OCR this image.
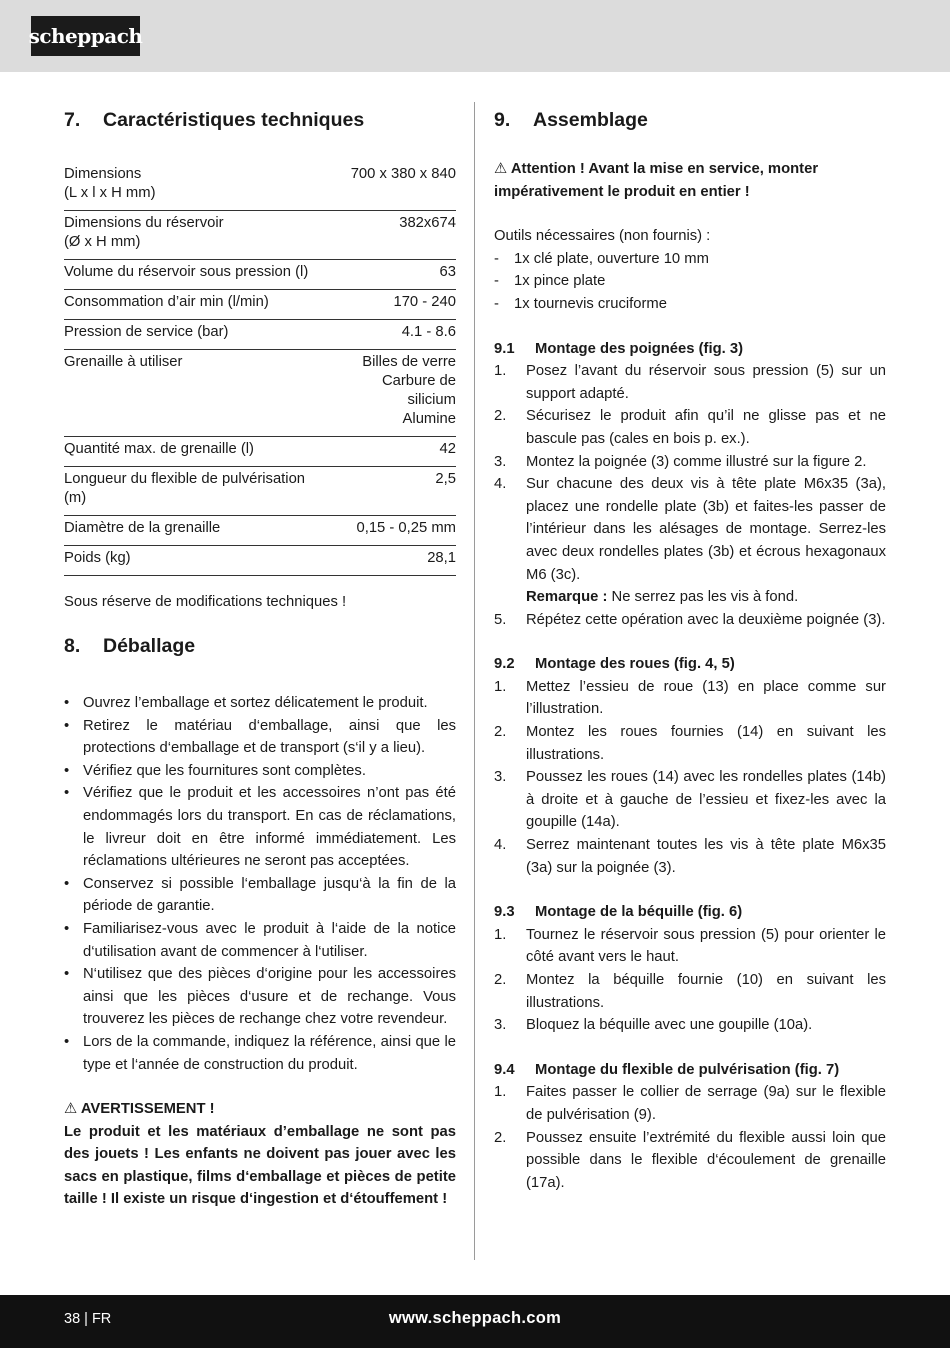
scheppach
7.	Caractéristiques techniques
Dimensions
(L x l x H mm)	700 x 380 x 840
Dimensions du réservoir
(Ø x H mm)	382x674
Volume du réservoir sous pression (l)	63
Consommation d’air min (l/min)	170 - 240
Pression de service (bar)	4.1 - 8.6
Grenaille à utiliser	Billes de verre
Carbure de
silicium
Alumine
Quantité max. de grenaille (l)	42
Longueur du flexible de pulvérisation
(m)	2,5
Diamètre de la grenaille	0,15 - 0,25 mm
Poids (kg)	28,1

Sous réserve de modifications techniques !

8.	Déballage
• Ouvrez l’emballage et sortez délicatement le produit.
• Retirez le matériau d‘emballage, ainsi que les protections d‘emballage et de transport (s‘il y a lieu).
• Vérifiez que les fournitures sont complètes.
• Vérifiez que le produit et les accessoires n’ont pas été endommagés lors du transport. En cas de réclamations, le livreur doit en être informé immédiatement. Les réclamations ultérieures ne seront pas acceptées.
• Conservez si possible l‘emballage jusqu‘à la fin de la période de garantie.
• Familiarisez-vous avec le produit à l‘aide de la notice d‘utilisation avant de commencer à l‘utiliser.
• N‘utilisez que des pièces d‘origine pour les accessoires ainsi que les pièces d‘usure et de rechange. Vous trouverez les pièces de rechange chez votre revendeur.
• Lors de la commande, indiquez la référence, ainsi que le type et l‘année de construction du produit.
⚠ AVERTISSEMENT !
Le produit et les matériaux d’emballage ne sont pas des jouets ! Les enfants ne doivent pas jouer avec les sacs en plastique, films d‘emballage et pièces de petite taille ! Il existe un risque d‘ingestion et d‘étouffement !
9.	Assemblage
⚠ Attention ! Avant la mise en service, monter impérativement le produit en entier !
Outils nécessaires (non fournis) :
- 1x clé plate, ouverture 10 mm
- 1x pince plate
- 1x tournevis cruciforme
9.1	Montage des poignées (fig. 3)
1. Posez l’avant du réservoir sous pression (5) sur un support adapté.
2. Sécurisez le produit afin qu’il ne glisse pas et ne bascule pas (cales en bois p. ex.).
3. Montez la poignée (3) comme illustré sur la figure 2.
4. Sur chacune des deux vis à tête plate M6x35 (3a), placez une rondelle plate (3b) et faites-les passer de l’intérieur dans les alésages de montage. Serrez-les avec deux rondelles plates (3b) et écrous hexagonaux M6 (3c).
Remarque : Ne serrez pas les vis à fond.
5. Répétez cette opération avec la deuxième poignée (3).
9.2	Montage des roues (fig. 4, 5)
1. Mettez l’essieu de roue (13) en place comme sur l’illustration.
2. Montez les roues fournies (14) en suivant les illustrations.
3. Poussez les roues (14) avec les rondelles plates (14b) à droite et à gauche de l’essieu et fixez-les avec la goupille (14a).
4. Serrez maintenant toutes les vis à tête plate M6x35 (3a) sur la poignée (3).
9.3	Montage de la béquille (fig. 6)
1. Tournez le réservoir sous pression (5) pour orienter le côté avant vers le haut.
2. Montez la béquille fournie (10) en suivant les illustrations.
3. Bloquez la béquille avec une goupille (10a).
9.4	Montage du flexible de pulvérisation (fig. 7)
1. Faites passer le collier de serrage (9a) sur le flexible de pulvérisation (9).
2. Poussez ensuite l’extrémité du flexible aussi loin que possible dans le flexible d‘écoulement de grenaille (17a).
38 | FR	www.scheppach.com
